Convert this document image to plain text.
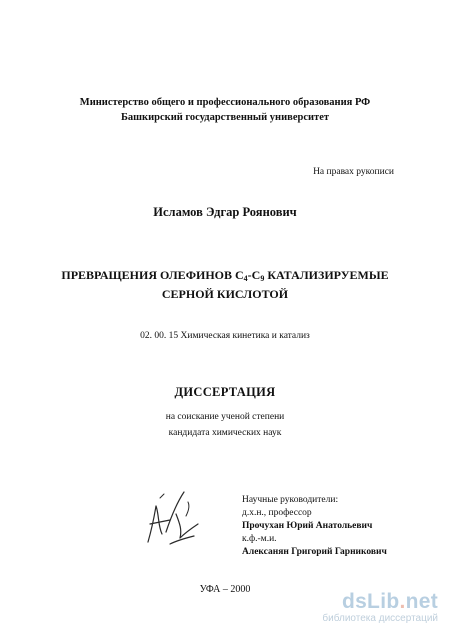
Министерство общего и профессионального образования РФ
Башкирский государственный университет
На правах рукописи
Исламов Эдгар Роянович
ПРЕВРАЩЕНИЯ ОЛЕФИНОВ $С_4-С_9$ КАТАЛИЗИРУЕМЫЕ
СЕРНОЙ КИСЛОТОЙ
02. 00. 15 Химическая кинетика и катализ
ДИССЕРТАЦИЯ
на соискание ученой степени
кандидата химических наук
Научные руководители:
д.х.н., профессор
Прочухан Юрий Анатольевич
к.ф.-м.и.
Алексанян Григорий Гарникович
УФА – 2000
dsLib.net
библиотека диссертаций
